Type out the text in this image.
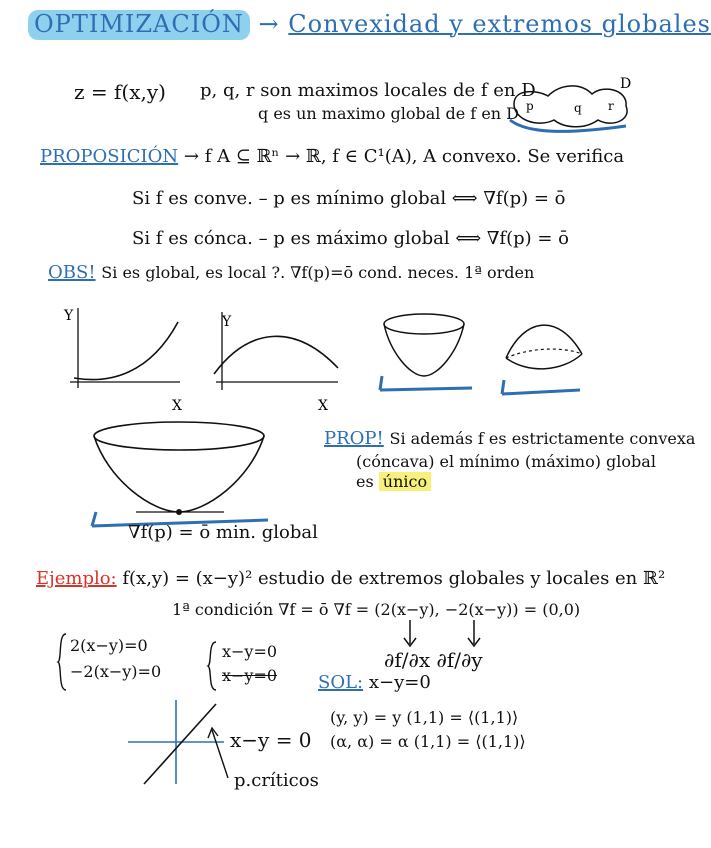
OPTIMIZACIÓN → Convexidad y extremos globales
z = f(x,y) p, q, r son maximos locales de f en D
q es un maximo global de f en D p	q r
D
PROPOSICIÓN → f A ⊆ ℝⁿ → ℝ, f ∈ C¹(A), A convexo. Se verifica
Si f es conve. – p es mínimo global ⟺ ∇f(p) = ō
Si f es cónca. – p es máximo global ⟺ ∇f(p) = ō
OBS! Si es global, es local ?. ∇f(p)=ō cond. neces. 1ª orden
Y
X
Y
X
∇f(p) = ō min. global
PROP! Si además f es estrictamente convexa
(cóncava) el mínimo (máximo) global
es único
Ejemplo: f(x,y) = (x−y)² estudio de extremos globales y locales en ℝ²
1ª condición ∇f = ō ∇f = (2(x−y), −2(x−y)) = (0,0)
∂f/∂x ∂f/∂y
2(x−y)=0
−2(x−y)=0
x−y=0
x−y=0 SOL: x−y=0
(y, y) = y (1,1) = ⟨(1,1)⟩
(α, α) = α (1,1) = ⟨(1,1)⟩
x−y = 0
p.críticos
